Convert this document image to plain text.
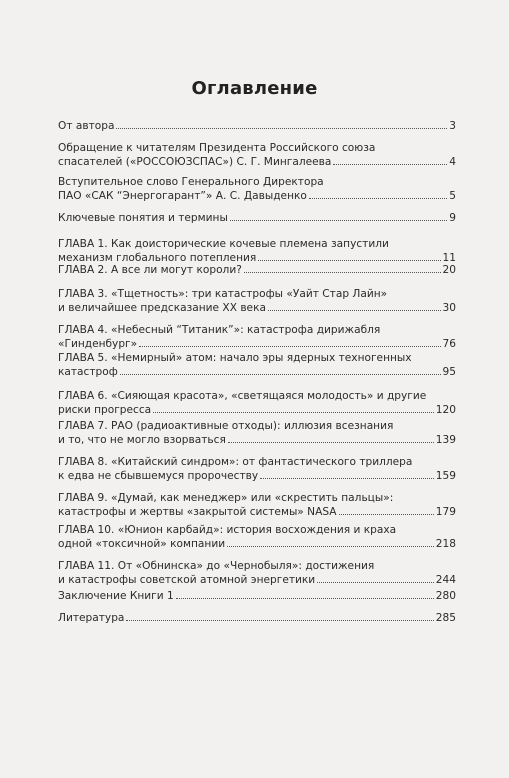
Оглавление
От автора	3
Обращение к читателям Президента Российского союза
спасателей («РОССОЮЗСПАС») С. Г. Мингалеева	4
Вступительное слово Генерального Директора
ПАО «САК “Энергогарант”» А. С. Давыденко	5
Ключевые понятия и термины	9
ГЛАВА 1. Как доисторические кочевые племена запустили
механизм глобального потепления	11
ГЛАВА 2. А все ли могут короли?	20
ГЛАВА 3. «Тщетность»: три катастрофы «Уайт Стар Лайн»
и величайшее предсказание XX века	30
ГЛАВА 4. «Небесный “Титаник”»: катастрофа дирижабля
«Гинденбург»	76
ГЛАВА 5. «Немирный» атом: начало эры ядерных техногенных
катастроф	95
ГЛАВА 6. «Сияющая красота», «светящаяся молодость» и другие
риски прогресса	120
ГЛАВА 7. РАО (радиоактивные отходы): иллюзия всезнания
и то, что не могло взорваться	139
ГЛАВА 8. «Китайский синдром»: от фантастического триллера
к едва не сбывшемуся пророчеству	159
ГЛАВА 9. «Думай, как менеджер» или «скрестить пальцы»:
катастрофы и жертвы «закрытой системы» NASA	179
ГЛАВА 10. «Юнион карбайд»: история восхождения и краха
одной «токсичной» компании	218
ГЛАВА 11. От «Обнинска» до «Чернобыля»: достижения
и катастрофы советской атомной энергетики	244
Заключение Книги 1	280
Литература	285
